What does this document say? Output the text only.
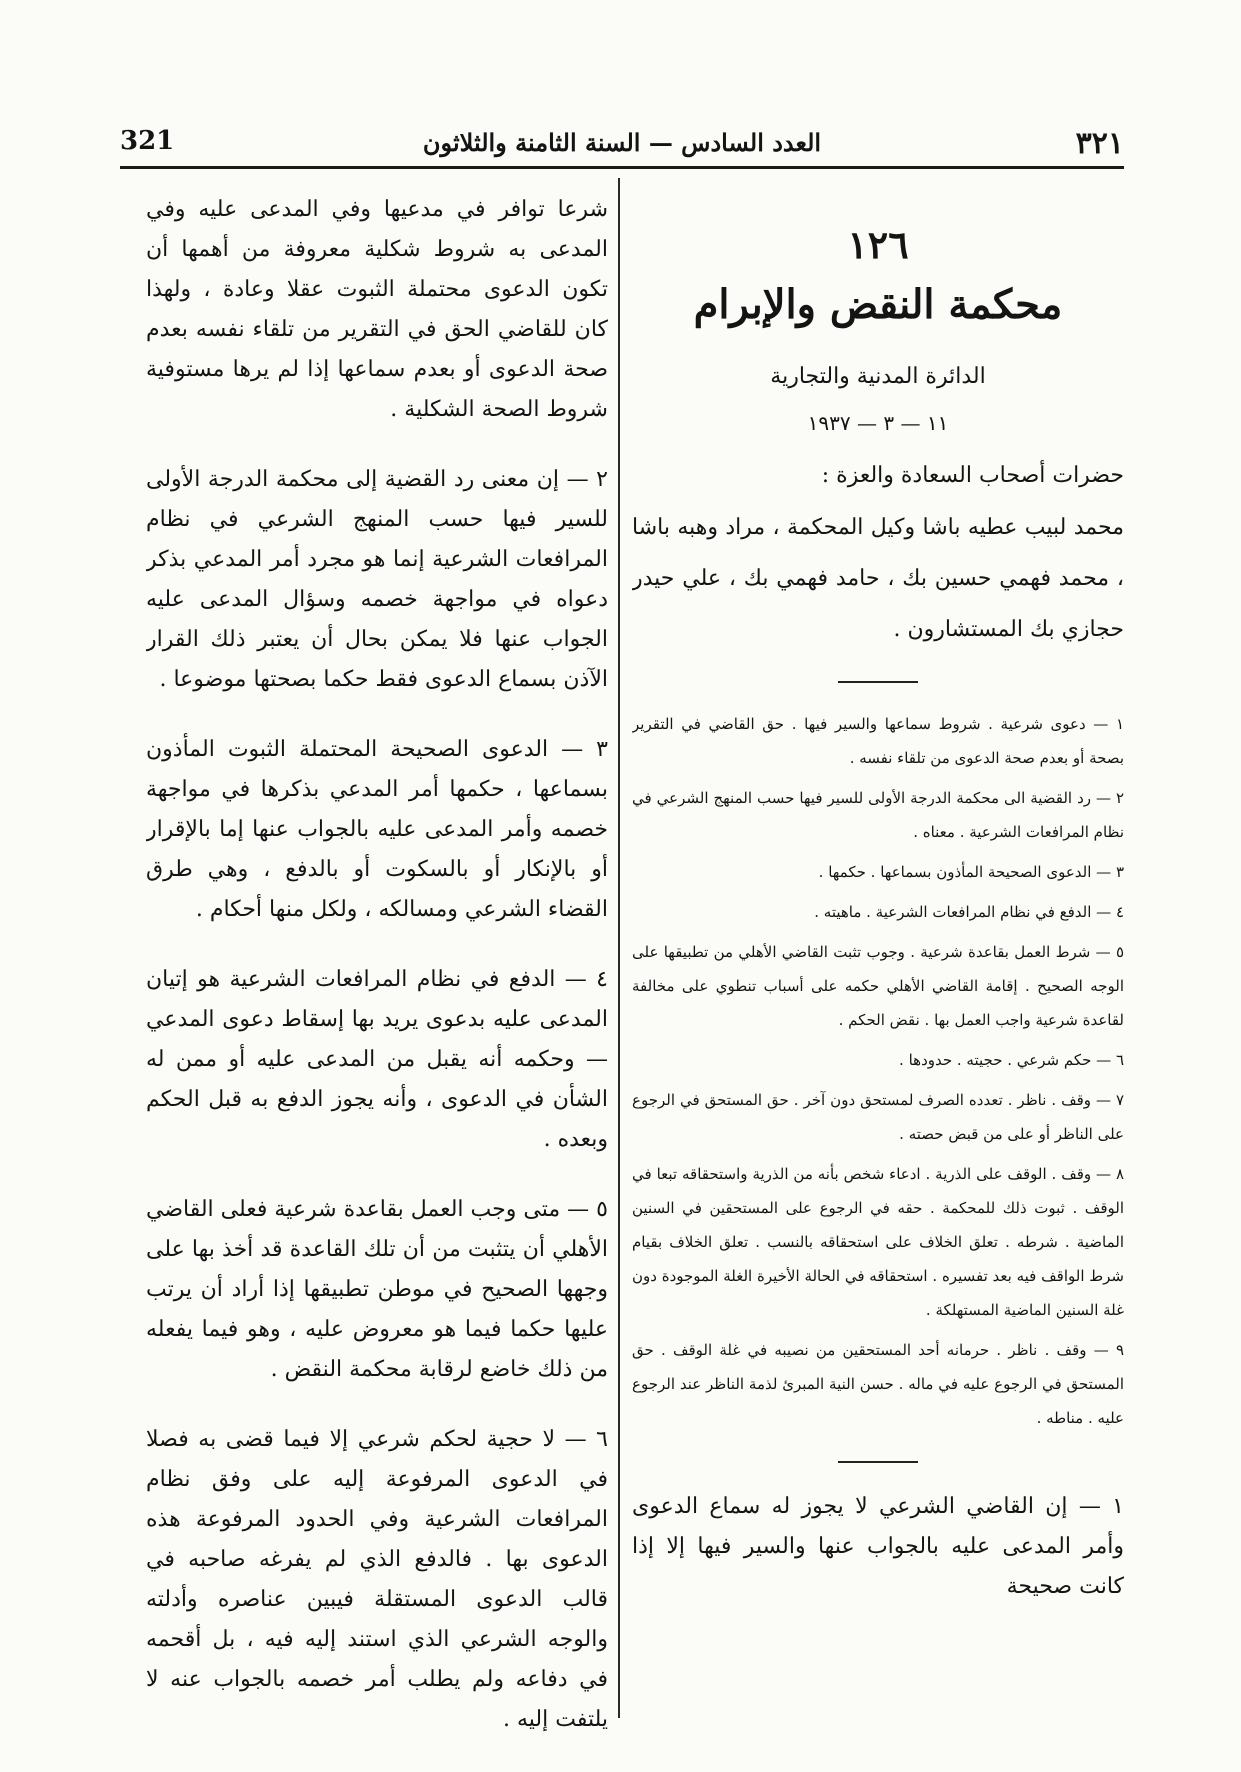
٣٢١
العدد السادس — السنة الثامنة والثلاثون
321
١٢٦
محكمة النقض والإبرام
الدائرة المدنية والتجارية
١١ — ٣ — ١٩٣٧
حضرات أصحاب السعادة والعزة :
محمد لبيب عطيه باشا وكيل المحكمة ، مراد وهبه باشا ، محمد فهمي حسين بك ، حامد فهمي بك ، علي حيدر حجازي بك المستشارون .
١ — دعوى شرعية . شروط سماعها والسير فيها . حق القاضي في التقرير بصحة أو بعدم صحة الدعوى من تلقاء نفسه .
٢ — رد القضية الى محكمة الدرجة الأولى للسير فيها حسب المنهج الشرعي في نظام المرافعات الشرعية . معناه .
٣ — الدعوى الصحيحة المأذون بسماعها . حكمها .
٤ — الدفع في نظام المرافعات الشرعية . ماهيته .
٥ — شرط العمل بقاعدة شرعية . وجوب تثبت القاضي الأهلي من تطبيقها على الوجه الصحيح . إقامة القاضي الأهلي حكمه على أسباب تنطوي على مخالفة لقاعدة شرعية واجب العمل بها . نقض الحكم .
٦ — حكم شرعي . حجيته . حدودها .
٧ — وقف . ناظر . تعدده الصرف لمستحق دون آخر . حق المستحق في الرجوع على الناظر أو على من قبض حصته .
٨ — وقف . الوقف على الذرية . ادعاء شخص بأنه من الذرية واستحقاقه تبعا في الوقف . ثبوت ذلك للمحكمة . حقه في الرجوع على المستحقين في السنين الماضية . شرطه . تعلق الخلاف على استحقاقه بالنسب . تعلق الخلاف بقيام شرط الواقف فيه بعد تفسيره . استحقاقه في الحالة الأخيرة الغلة الموجودة دون غلة السنين الماضية المستهلكة .
٩ — وقف . ناظر . حرمانه أحد المستحقين من نصيبه في غلة الوقف . حق المستحق في الرجوع عليه في ماله . حسن النية المبرئ لذمة الناظر عند الرجوع عليه . مناطه .
١ — إن القاضي الشرعي لا يجوز له سماع الدعوى وأمر المدعى عليه بالجواب عنها والسير فيها إلا إذا كانت صحيحة

شرعا توافر في مدعيها وفي المدعى عليه وفي المدعى به شروط شكلية معروفة من أهمها أن تكون الدعوى محتملة الثبوت عقلا وعادة ، ولهذا كان للقاضي الحق في التقرير من تلقاء نفسه بعدم صحة الدعوى أو بعدم سماعها إذا لم يرها مستوفية شروط الصحة الشكلية .

٢ — إن معنى رد القضية إلى محكمة الدرجة الأولى للسير فيها حسب المنهج الشرعي في نظام المرافعات الشرعية إنما هو مجرد أمر المدعي بذكر دعواه في مواجهة خصمه وسؤال المدعى عليه الجواب عنها فلا يمكن بحال أن يعتبر ذلك القرار الآذن بسماع الدعوى فقط حكما بصحتها موضوعا .

٣ — الدعوى الصحيحة المحتملة الثبوت المأذون بسماعها ، حكمها أمر المدعي بذكرها في مواجهة خصمه وأمر المدعى عليه بالجواب عنها إما بالإقرار أو بالإنكار أو بالسكوت أو بالدفع ، وهي طرق القضاء الشرعي ومسالكه ، ولكل منها أحكام .

٤ — الدفع في نظام المرافعات الشرعية هو إتيان المدعى عليه بدعوى يريد بها إسقاط دعوى المدعي — وحكمه أنه يقبل من المدعى عليه أو ممن له الشأن في الدعوى ، وأنه يجوز الدفع به قبل الحكم وبعده .

٥ — متى وجب العمل بقاعدة شرعية فعلى القاضي الأهلي أن يتثبت من أن تلك القاعدة قد أخذ بها على وجهها الصحيح في موطن تطبيقها إذا أراد أن يرتب عليها حكما فيما هو معروض عليه ، وهو فيما يفعله من ذلك خاضع لرقابة محكمة النقض .

٦ — لا حجية لحكم شرعي إلا فيما قضى به فصلا في الدعوى المرفوعة إليه على وفق نظام المرافعات الشرعية وفي الحدود المرفوعة هذه الدعوى بها . فالدفع الذي لم يفرغه صاحبه في قالب الدعوى المستقلة فيبين عناصره وأدلته والوجه الشرعي الذي استند إليه فيه ، بل أقحمه في دفاعه ولم يطلب أمر خصمه بالجواب عنه لا يلتفت إليه .
